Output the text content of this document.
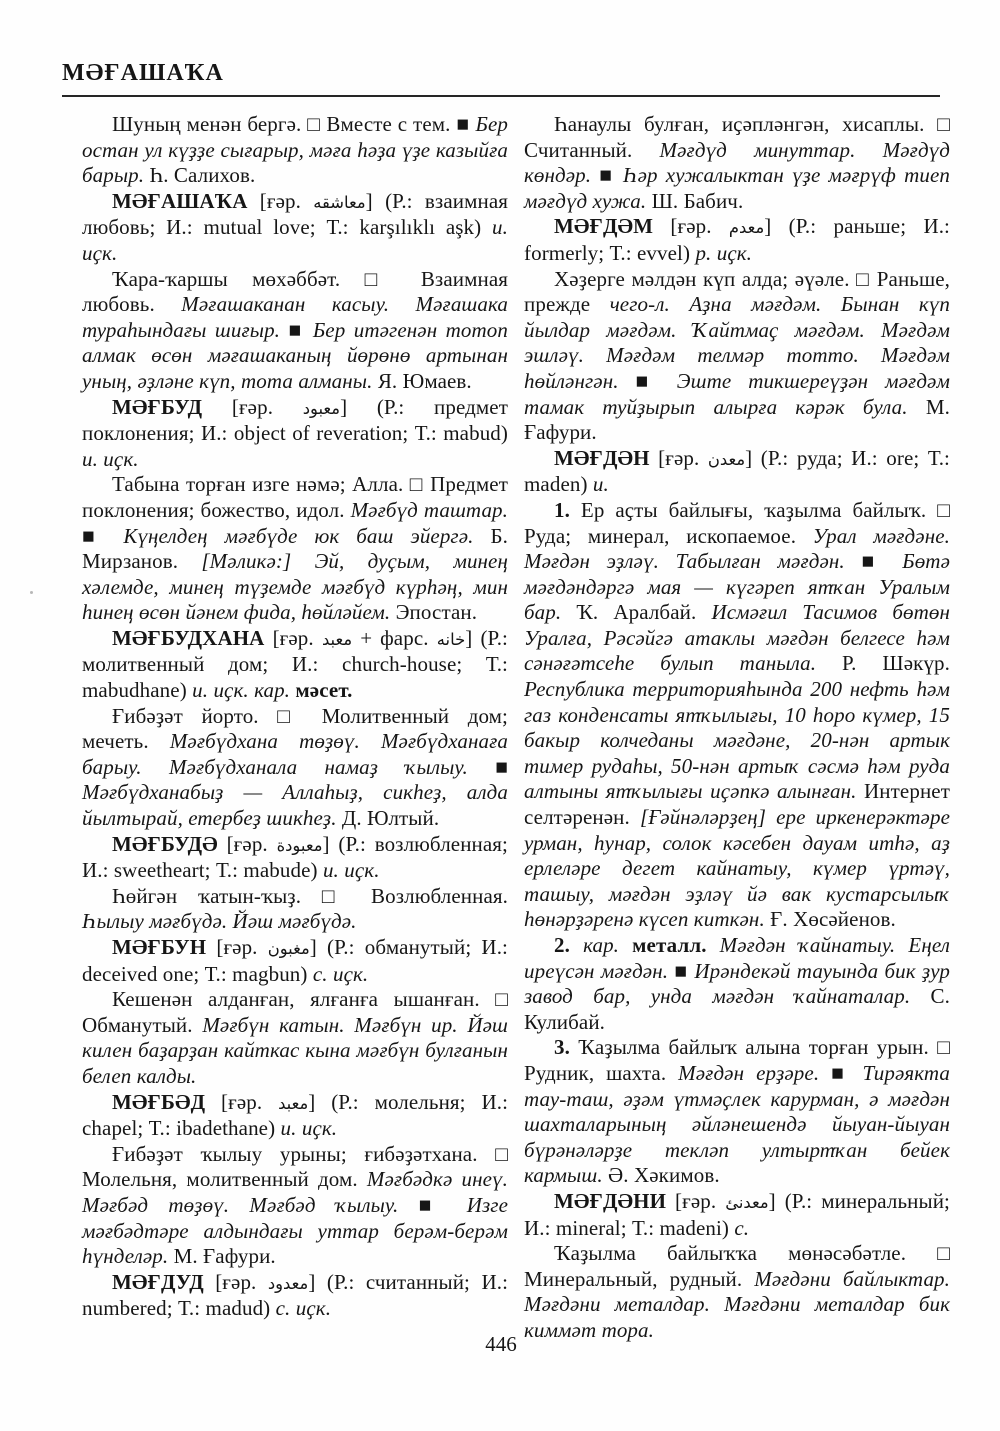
МӘҒАШАҠА

Шуның менән бергә. □ Вместе с тем. ■ Бер остан ул күҙҙе сығарыр, мәға һәҙа үҙе казыйға барыр. Һ. Салихов.

МӘҒАШАҠА [ғәр. معاشقه] (Р.: взаимная любовь; И.: mutual love; Т.: karşılıklı aşk) и. иҫк.

Ҡара-ҡаршы мөхәббәт. □ Взаимная любовь. Мәғашаканан касыу. Мәғашака тураһындағы шиғыр. ■ Бер итәгенән тотоп алмак өсөн мәғашаканың йөрөнө артынан уның, әҙләне күп, тота алманы. Я. Юмаев.

МӘҒБУД [ғәр. معبود] (Р.: предмет поклонения; И.: object of reveration; Т.: mabud) и. иҫк.

Табына торған изге нәмә; Алла. □ Предмет поклонения; божество, идол. Мәғбүд таштар. ■ Күңелдең мәғбүде юк баш эйергә. Б. Мирзанов. [Мәликә:] Эй, дуҫым, минең хәлемде, минең түҙемде мәғбүд күрһәң, мин һинең өсөн йәнем фида, һөйләйем. Эпостан.

МӘҒБУДХАНА [ғәр. معبد + фарс. خانه] (Р.: молитвенный дом; И.: church-house; Т.: mabudhane) и. иҫк. кар. мәсет.

Ғибәҙәт йорто. □ Молитвенный дом; мечеть. Мәғбүдхана төҙөү. Мәғбүдханаға барыу. Мәғбүдханала намаҙ ҡылыу. ■ Мәғбүдханабыҙ — Аллаһыҙ, сикһеҙ, алда йылтырай, етербеҙ шикһеҙ. Д. Юлтый.

МӘҒБУДӘ [ғәр. معبودة] (Р.: возлюбленная; И.: sweetheart; Т.: mabude) и. иҫк.

Һөйгән ҡатын-ҡыҙ. □ Возлюбленная. Һылыу мәғбүдә. Йәш мәғбүдә.

МӘҒБУН [ғәр. مغبون] (Р.: обманутый; И.: deceived one; Т.: magbun) с. иҫк.

Кешенән алданған, ялғанға ышанған. □ Обманутый. Мәғбүн катын. Мәғбүн ир. Йәш килен баҙарҙан кайткас кына мәғбүн булғанын белеп калды.

МӘҒБӘД [ғәр. معبد] (Р.: молельня; И.: chapel; Т.: ibadethane) и. иҫк.

Ғибәҙәт ҡылыу урыны; ғибәҙәтхана. □ Молельня, молитвенный дом. Мәғбәдкә инеү. Мәғбәд төҙөү. Мәғбәд ҡылыу. ■ Изге мәғбәдтәре алдындағы уттар берәм-берәм һүнделәр. М. Ғафури.

МӘҒДУД [ғәр. معدود] (Р.: считанный; И.: numbered; Т.: madud) с. иҫк.

Һанаулы булған, иҫәпләнгән, хисаплы. □ Считанный. Мәғдүд минуттар. Мәғдүд көндәр. ■ Һәр хужалыктан үҙе мәғрүф тиеп мәғдүд хужа. Ш. Бабич.

МӘҒДӘМ [ғәр. معدم] (Р.: раньше; И.: formerly; Т.: evvel) р. иҫк.

Хәҙерге мәлдән күп алда; әүәле. □ Раньше, прежде чего-л. Аҙна мәғдәм. Бынан күп йылдар мәғдәм. Ҡайтмаҫ мәғдәм. Мәғдәм эшләү. Мәғдәм телмәр тотто. Мәғдәм һөйләнгән. ■ Эште тикшереүҙән мәғдәм тамак туйҙырып алырға кәрәк була. М. Ғафури.

МӘҒДӘН [ғәр. معدن] (Р.: руда; И.: ore; Т.: maden) и.

1. Ер аҫты байлығы, ҡаҙылма байлыҡ. □ Руда; минерал, ископаемое. Урал мәғдәне. Мәғдән эҙләү. Табылған мәғдән. ■ Бөтә мәғдәндәргә мая — күгәреп ятҡан Уралым бар. Ҡ. Аралбай. Исмәғил Тасимов бөтөн Уралға, Рәсәйгә атаклы мәғдән белгесе һәм сәнәғәтсеһе булып таныла. Р. Шәкүр. Республика территорияһында 200 нефть һәм газ конденсаты ятҡылығы, 10 һоро күмер, 15 бакыр колчеданы мәғдәне, 20-нән артык тимер рудаһы, 50-нән артыҡ сәсмә һәм руда алтыны ятҡылығы иҫәпкә алынған. Интернет селтәренән. [Ғәйнәләрҙең] ере иркенерәктәре урман, һунар, солок кәсебен дауам итһә, аҙ ерлеләре дегет кайнатыу, күмер үртәү, ташыу, мәғдән эҙләү йә вак кустарсылыҡ һөнәрҙәренә күсеп киткән. Ғ. Хөсәйенов.

2. кар. металл. Мәғдән ҡайнатыу. Еңел иреүсән мәғдән. ■ Ирәндекәй тауында бик ҙур завод бар, унда мәғдән ҡайнаталар. С. Кулибай.

3. Ҡаҙылма байлыҡ алына торған урын. □ Рудник, шахта. Мәғдән ерҙәре. ■ Тирәякта тау-таш, әҙәм үтмәҫлек карурман, ә мәғдән шахталарының әйләнешендә йыуан-йыуан бүрәнәләрҙе текләп ултыртҡан бейек кармыш. Ә. Хәкимов.

МӘҒДӘНИ [ғәр. معدنئ] (Р.: минеральный; И.: mineral; Т.: madeni) с.

Ҡаҙылма байлыҡҡа мөнәсәбәтле. □ Минеральный, рудный. Мәғдәни байлыктар. Мәғдәни металдар. Мәғдәни металдар бик киммәт тора.

446
